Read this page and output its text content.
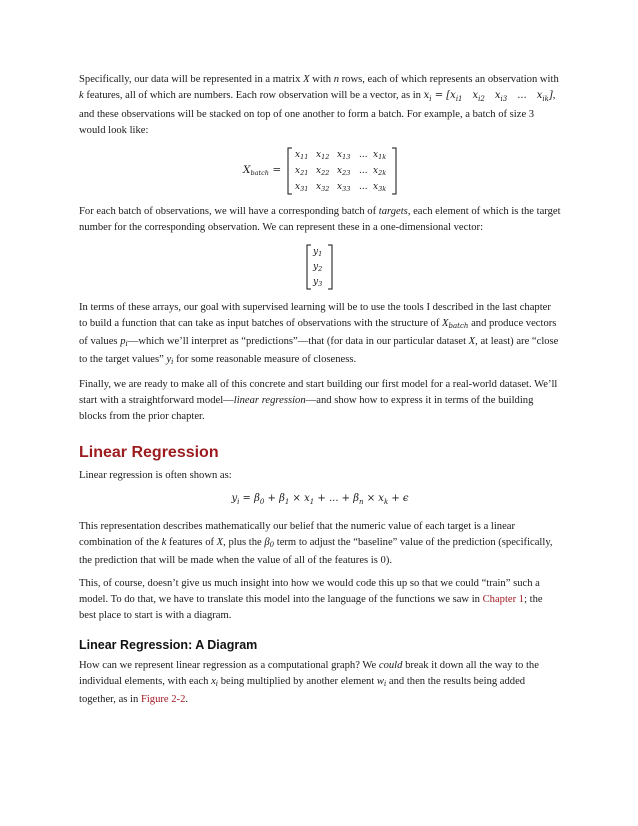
Specifically, our data will be represented in a matrix X with n rows, each of which represents an observation with k features, all of which are numbers. Each row observation will be a vector, as in $x_i = [x_{i1}$  $x_{i2}$  $x_{i3}$ ... $x_{ik}$], and these observations will be stacked on top of one another to form a batch. For example, a batch of size 3 would look like:

$X_{batch}$ =
$x_{11}$ $x_{12}$ $x_{13}$ ... $x_{1k}$
$x_{21}$ $x_{22}$ $x_{23}$ ... $x_{2k}$
$x_{31}$ $x_{32}$ $x_{33}$ ... $x_{3k}$

For each batch of observations, we will have a corresponding batch of targets, each element of which is the target number for the corresponding observation. We can represent these in a one-dimensional vector:

$y_1$
$y_2$
$y_3$

In terms of these arrays, our goal with supervised learning will be to use the tools I described in the last chapter to build a function that can take as input batches of observations with the structure of $X_{batch}$ and produce vectors of values $p_i—which$ we’ll interpret as “predictions”—that (for data in our particular dataset X, at least) are “close to the target values” $y_i$ for some reasonable measure of closeness.

Finally, we are ready to make all of this concrete and start building our first model for a real-world dataset. We’ll start with a straightforward model—linear regression—and show how to express it in terms of the building blocks from the prior chapter.

Linear Regression

Linear regression is often shown as:

$y_i = \beta_0 + \beta_1 \times x_1$ + ... + $\beta_n \times x_k + \epsilon$

This representation describes mathematically our belief that the numeric value of each target is a linear combination of the k features of X, plus the $\beta_0$ term to adjust the “baseline” value of the prediction (specifically, the prediction that will be made when the value of all of the features is 0).

This, of course, doesn’t give us much insight into how we would code this up so that we could “train” such a model. To do that, we have to translate this model into the language of the functions we saw in Chapter 1; the best place to start is with a diagram.

Linear Regression: A Diagram

How can we represent linear regression as a computational graph? We could break it down all the way to the individual elements, with each $x_i$ being multiplied by another element $w_i$ and then the results being added together, as in Figure 2-2.
